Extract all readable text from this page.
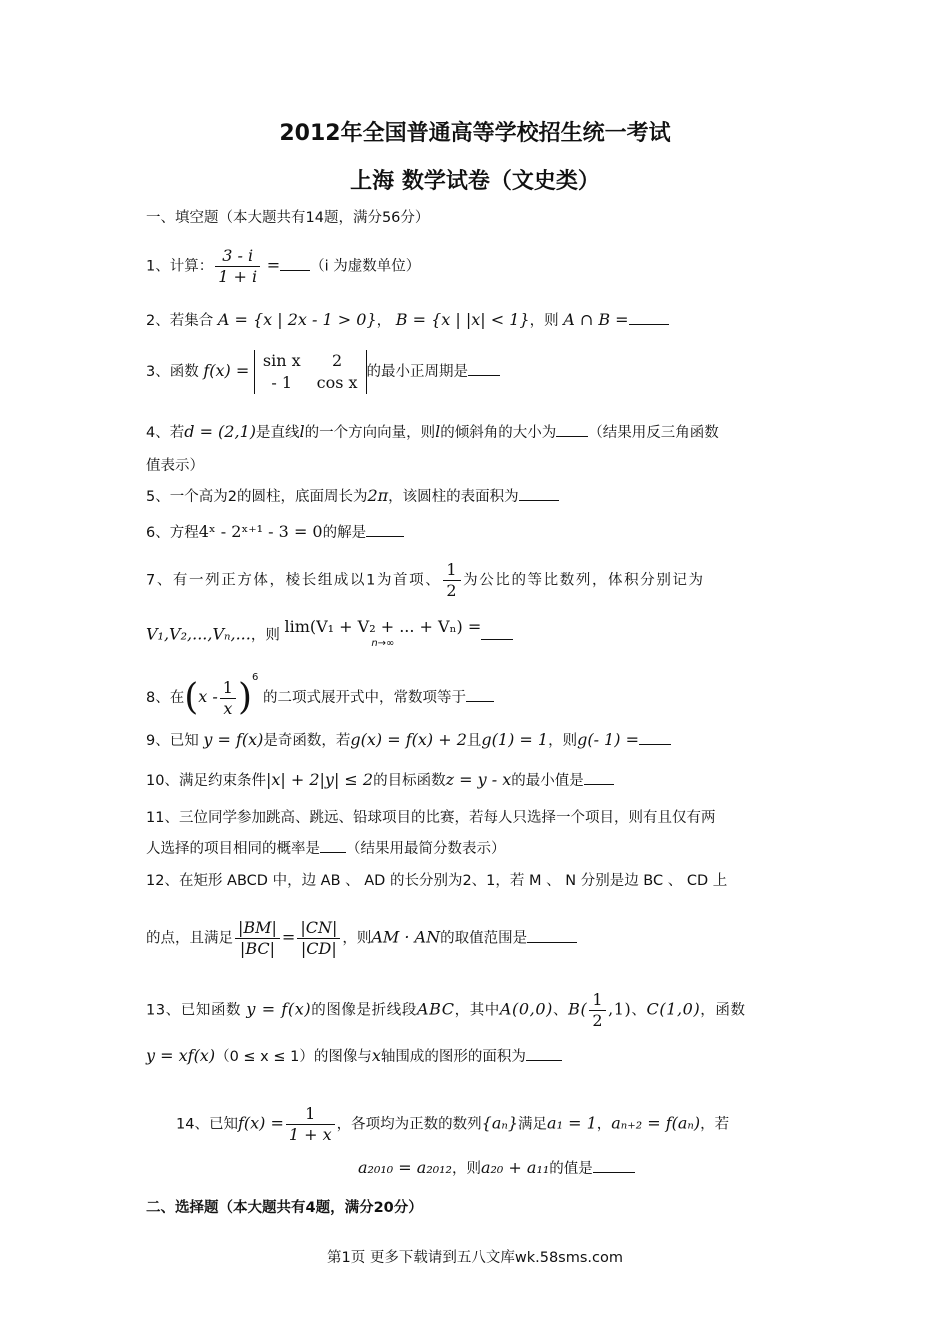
2012年全国普通高等学校招生统一考试
上海 数学试卷（文史类）
一、填空题（本大题共有14题，满分56分）
1、计算： $\frac{3 - i}{1 + i} = (i$ 为虚数单位）
2、若集合 A = {x | 2x - 1 > 0}， B = {x | |x| < 1}，则 A ∩ B =
3、函数 f(x) = sin x	2
- 1	cos x的最小正周期是
4、若d = (2,1)是直线l的一个方向向量，则l的倾斜角的大小为 （结果用反三角函数
值表示）
5、一个高为2的圆柱，底面周长为2π，该圆柱的表面积为
6、方程4ˣ - 2ˣ⁺¹ - 3 = 0的解是
7、有一列正方体，棱长组成以1为首项、 $\frac{1}{2}$ 为公比的等比数列，体积分别记为
V₁,V₂,...,Vₙ,...，则 lim(V₁ + V₂ + ... + Vₙ) =
n→∞
8、在$(x - \frac{1}{x} )^6$ 的二项式展开式中，常数项等于
9、已知 y = f(x)是奇函数，若g(x) = f(x) + 2且g(1) = 1，则g(- 1) =
10、满足约束条件|x| + 2|y| ≤ 2的目标函数z = y - x的最小值是
11、三位同学参加跳高、跳远、铅球项目的比赛，若每人只选择一个项目，则有且仅有两
人选择的项目相同的概率是 （结果用最简分数表示）
12、在矩形 ABCD 中，边 AB 、 AD 的长分别为2、1，若 M 、 N 分别是边 BC 、 CD 上
的点，且满足 $\frac{|BM|}{|BC|} = \frac{|CN|}{|CD|}$ ，则AM · AN的取值范围是
13、已知函数 y = f(x)的图像是折线段ABC，其中A(0,0)、$B( \frac{1}{2} ,1)$、C(1,0)，函数
y = xf(x)（0 ≤ x ≤ 1）的图像与x轴围成的图形的面积为
14、已知$f(x) = \frac{1}{1 + x}$ ，各项均为正数的数列{aₙ}满足a₁ = 1，aₙ₊₂ = f(aₙ)，若
a₂₀₁₀ = a₂₀₁₂，则a₂₀ + a₁₁的值是
二、选择题（本大题共有4题，满分20分）
第1页 更多下载请到五八文库wk.58sms.com
